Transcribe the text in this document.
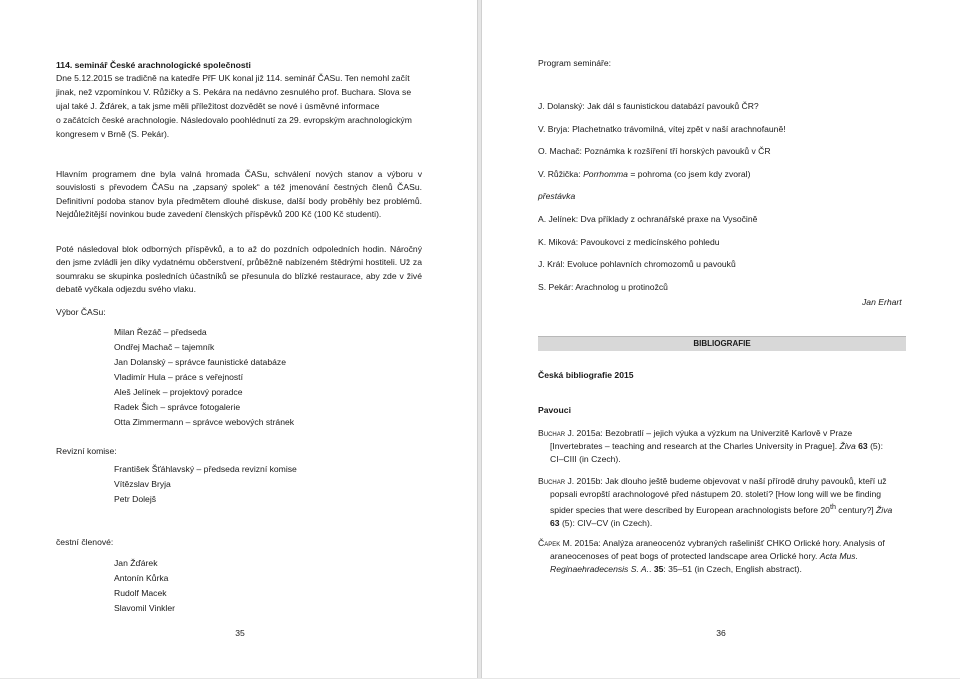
114. seminář České arachnologické společnosti

Dne 5.12.2015 se tradičně na katedře PřF UK konal již 114. seminář ČASu. Ten nemohl začít

jinak, než vzpomínkou V. Růžičky a S. Pekára na nedávno zesnulého prof. Buchara. Slova se

ujal také J. Žďárek, a tak jsme měli příležitost dozvědět se nové i úsměvné informace

o začátcích české arachnologie. Následovalo poohlédnutí za 29. evropským arachnologickým

kongresem v Brně (S. Pekár).

Hlavním programem dne byla valná hromada ČASu, schválení nových stanov a výboru v souvislosti s převodem ČASu na „zapsaný spolek“ a též jmenování čestných členů ČASu. Definitivní podoba stanov byla předmětem dlouhé diskuse, další body proběhly bez problémů. Nejdůležitější novinkou bude zavedení členských příspěvků 200 Kč (100 Kč studenti).

Poté následoval blok odborných příspěvků, a to až do pozdních odpoledních hodin. Náročný den jsme zvládli jen díky vydatnému občerstvení, průběžně nabízeném štědrými hostiteli. Už za soumraku se skupinka posledních účastníků se přesunula do blízké restaurace, aby zde v živé debatě vyčkala odjezdu svého vlaku.

Výbor ČASu:

Milan Řezáč – předseda
Ondřej Machač – tajemník
Jan Dolanský – správce faunistické databáze
Vladimír Hula – práce s veřejností
Aleš Jelínek – projektový poradce
Radek Šich – správce fotogalerie
Otta Zimmermann – správce webových stránek

Revizní komise:

František Šťáhlavský – předseda revizní komise
Vítězslav Bryja
Petr Dolejš

čestní členové:

Jan Žďárek
Antonín Kůrka
Rudolf Macek
Slavomil Vinkler
35

Program semináře:

J. Dolanský: Jak dál s faunistickou databází pavouků ČR?
V. Bryja: Plachetnatko trávomilná, vítej zpět v naší arachnofauně!
O. Machač: Poznámka k rozšíření tří horských pavouků v ČR
V. Růžička: Porrhomma = pohroma (co jsem kdy zvoral)
přestávka
A. Jelínek: Dva příklady z ochranářské praxe na Vysočině
K. Miková: Pavoukovci z medicínského pohledu
J. Král: Evoluce pohlavních chromozomů u pavouků
S. Pekár: Arachnolog u protinožců

Jan Erhart

BIBLIOGRAFIE

Česká bibliografie 2015

Pavouci

Buchar J. 2015a: Bezobratlí – jejich výuka a výzkum na Univerzitě Karlově v Praze
[Invertebrates – teaching and research at the Charles University in Prague]. Živa 63 (5):
CI–CIII (in Czech).
Buchar J. 2015b: Jak dlouho ještě budeme objevovat v naší přírodě druhy pavouků, kteří už
popsali evropští arachnologové před nástupem 20. století? [How long will we be finding
spider species that were described by European arachnologists before 20th century?] Živa
63 (5): CIV–CV (in Czech).
Čapek M. 2015a: Analýza araneocenóz vybraných rašelinišť CHKO Orlické hory. Analysis of
araneocenoses of peat bogs of protected landscape area Orlické hory. Acta Mus.
Reginaehradecensis S. A.. 35: 35–51 (in Czech, English abstract).
36
